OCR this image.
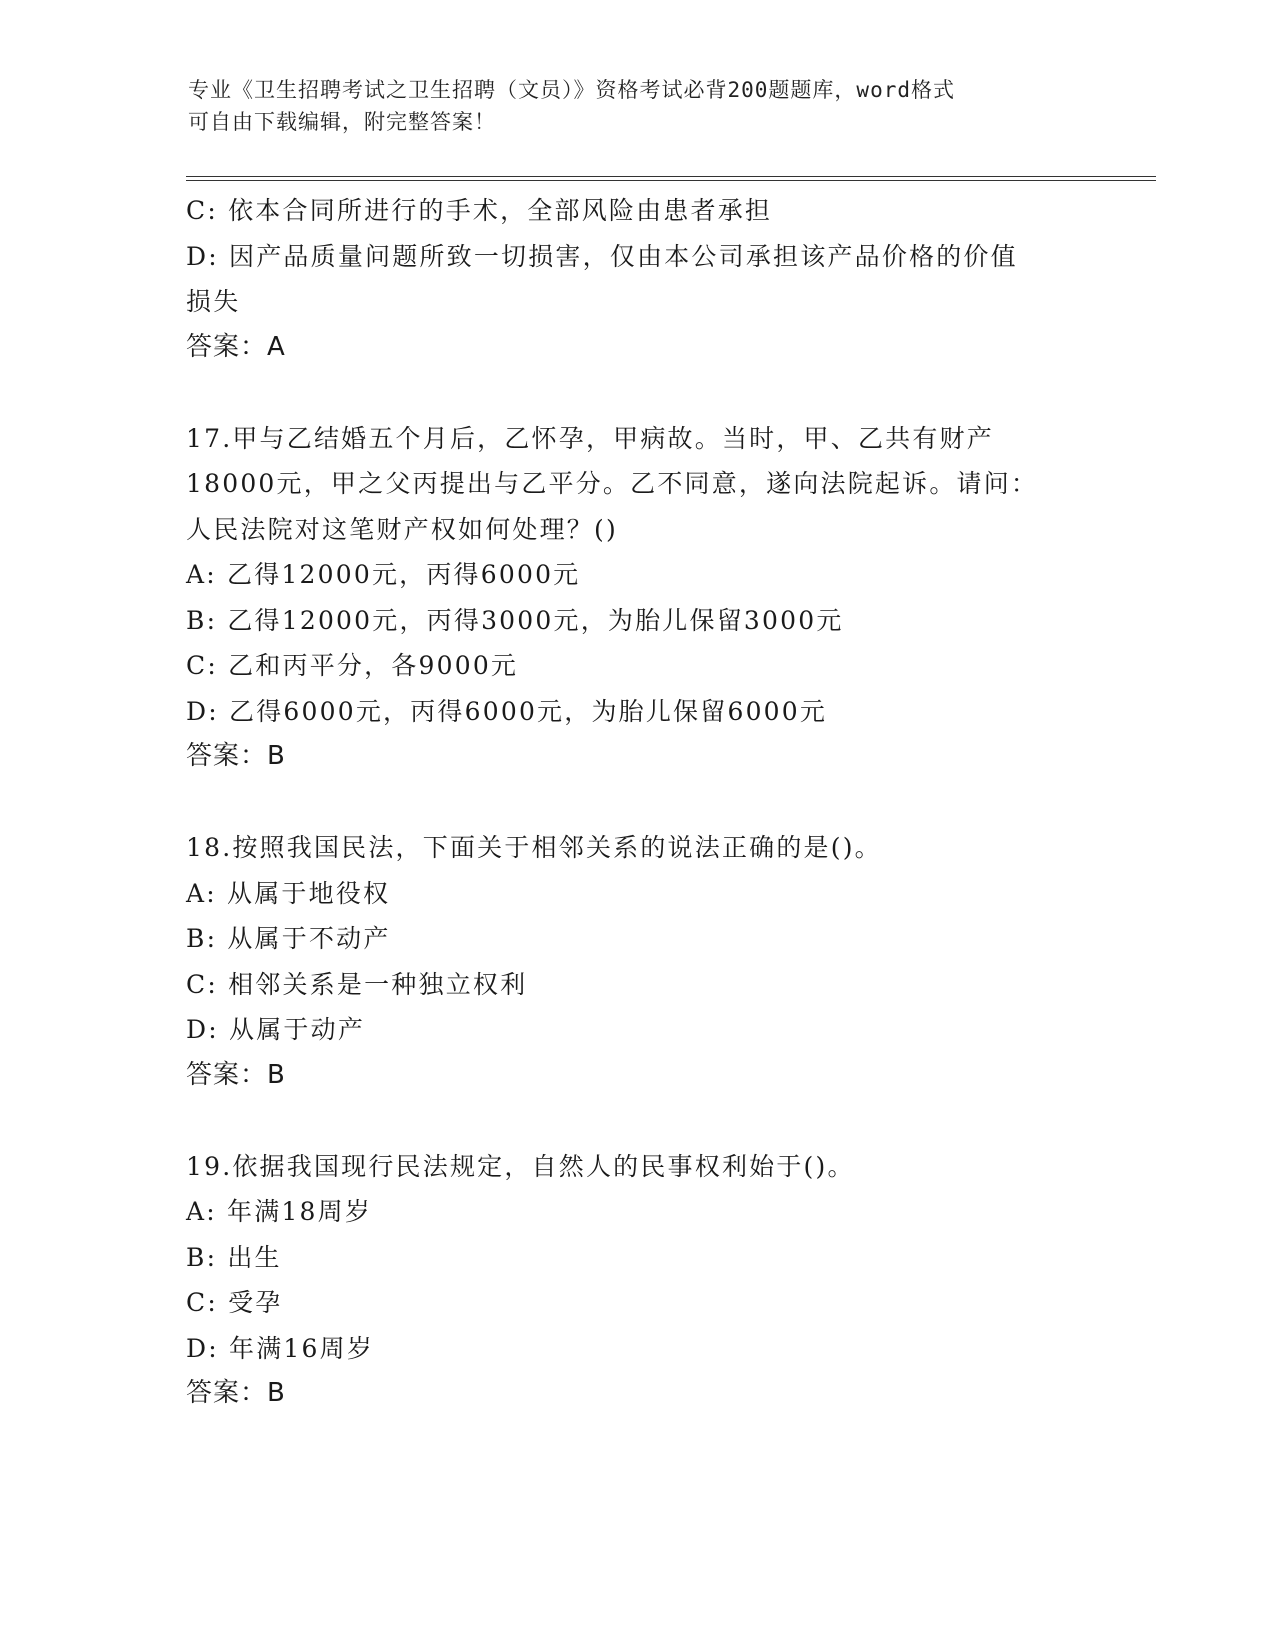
专业《卫生招聘考试之卫生招聘（文员）》资格考试必背200题题库，word格式
可自由下载编辑，附完整答案！
C: 依本合同所进行的手术，全部风险由患者承担
D: 因产品质量问题所致一切损害，仅由本公司承担该产品价格的价值
损失
答案：A
17.甲与乙结婚五个月后，乙怀孕，甲病故。当时，甲、乙共有财产
18000元，甲之父丙提出与乙平分。乙不同意，遂向法院起诉。请问：
人民法院对这笔财产权如何处理？()
A: 乙得12000元，丙得6000元
B: 乙得12000元，丙得3000元，为胎儿保留3000元
C: 乙和丙平分，各9000元
D: 乙得6000元，丙得6000元，为胎儿保留6000元
答案：B
18.按照我国民法，下面关于相邻关系的说法正确的是()。
A: 从属于地役权
B: 从属于不动产
C: 相邻关系是一种独立权利
D: 从属于动产
答案：B
19.依据我国现行民法规定，自然人的民事权利始于()。
A: 年满18周岁
B: 出生
C: 受孕
D: 年满16周岁
答案：B
